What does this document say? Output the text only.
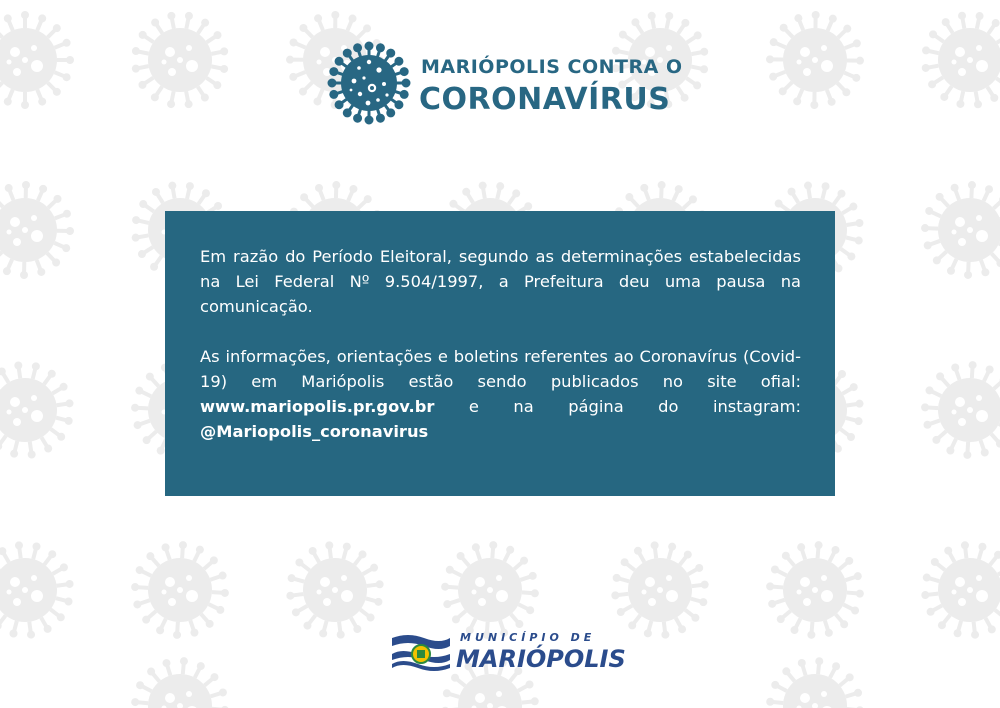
MARIÓPOLIS CONTRA O
CORONAVÍRUS

Em razão do Período Eleitoral, segundo as determinações estabelecidas na Lei Federal Nº 9.504/1997, a Prefeitura deu uma pausa na comunicação.

As informações, orientações e boletins referentes ao Coronavírus (Covid-19) em Mariópolis estão sendo publicados no site ofial: www.mariopolis.pr.gov.br e na página do instagram: @Mariopolis_coronavirus

MUNICÍPIO DE
MARIÓPOLIS
